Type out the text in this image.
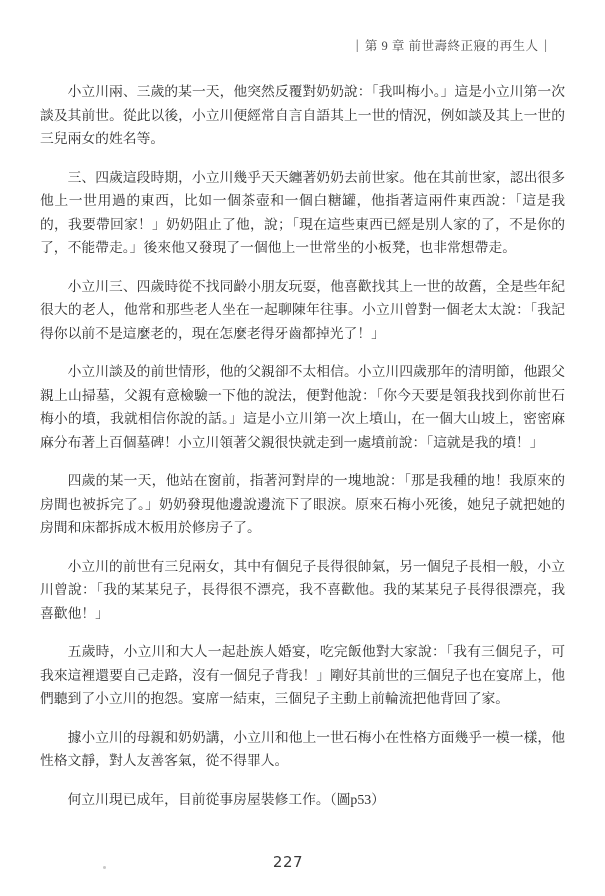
| 第 9 章 前世壽終正寢的再生人 |

小立川兩、三歲的某一天，他突然反覆對奶奶說：「我叫梅小。」這是小立川第一次談及其前世。從此以後，小立川便經常自言自語其上一世的情況，例如談及其上一世的三兒兩女的姓名等。

三、四歲這段時期，小立川幾乎天天纏著奶奶去前世家。他在其前世家，認出很多他上一世用過的東西，比如一個茶壺和一個白糖罐，他指著這兩件東西說：「這是我的，我要帶回家！」奶奶阻止了他，說；「現在這些東西已經是別人家的了，不是你的了，不能帶走。」後來他又發現了一個他上一世常坐的小板凳，也非常想帶走。

小立川三、四歲時從不找同齡小朋友玩耍，他喜歡找其上一世的故舊，全是些年紀很大的老人，他常和那些老人坐在一起聊陳年往事。小立川曾對一個老太太說：「我記得你以前不是這麼老的，現在怎麼老得牙齒都掉光了！」

小立川談及的前世情形，他的父親卻不太相信。小立川四歲那年的清明節，他跟父親上山掃墓，父親有意檢驗一下他的說法，便對他說：「你今天要是領我找到你前世石梅小的墳，我就相信你說的話。」這是小立川第一次上墳山，在一個大山坡上，密密麻麻分布著上百個墓碑！小立川領著父親很快就走到一處墳前說：「這就是我的墳！」

四歲的某一天，他站在窗前，指著河對岸的一塊地說：「那是我種的地！我原來的房間也被拆完了。」奶奶發現他邊說邊流下了眼淚。原來石梅小死後，她兒子就把她的房間和床都拆成木板用於修房子了。

小立川的前世有三兒兩女，其中有個兒子長得很帥氣，另一個兒子長相一般，小立川曾說：「我的某某兒子，長得很不漂亮，我不喜歡他。我的某某兒子長得很漂亮，我喜歡他！」

五歲時，小立川和大人一起赴族人婚宴，吃完飯他對大家說：「我有三個兒子，可我來這裡還要自己走路，沒有一個兒子背我！」剛好其前世的三個兒子也在宴席上，他們聽到了小立川的抱怨。宴席一結束，三個兒子主動上前輪流把他背回了家。

據小立川的母親和奶奶講，小立川和他上一世石梅小在性格方面幾乎一模一樣，他性格文靜，對人友善客氣，從不得罪人。

何立川現已成年，目前從事房屋裝修工作。（圖p53）

227
